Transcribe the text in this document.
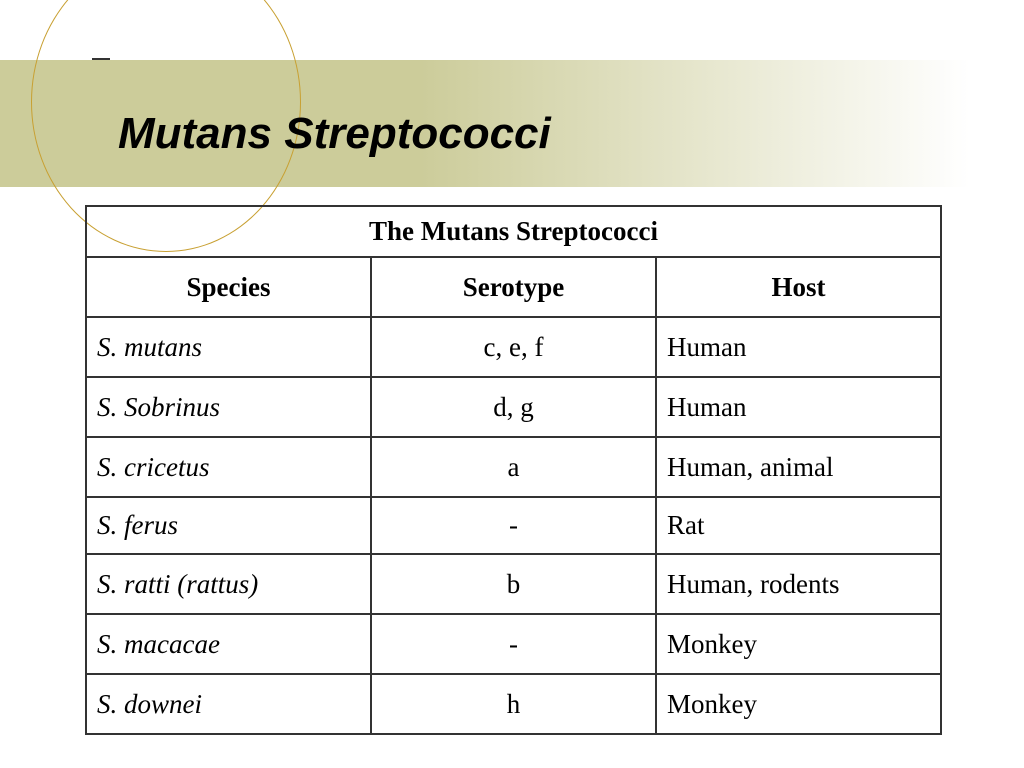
Mutans Streptococci
The Mutans Streptococci		
Species	Serotype	Host
S. mutans	c, e, f	Human
S. Sobrinus	d, g	Human
S. cricetus	a	Human, animal
S. ferus	-	Rat
S. ratti (rattus)	b	Human, rodents
S. macacae	-	Monkey
S. downei	h	Monkey
